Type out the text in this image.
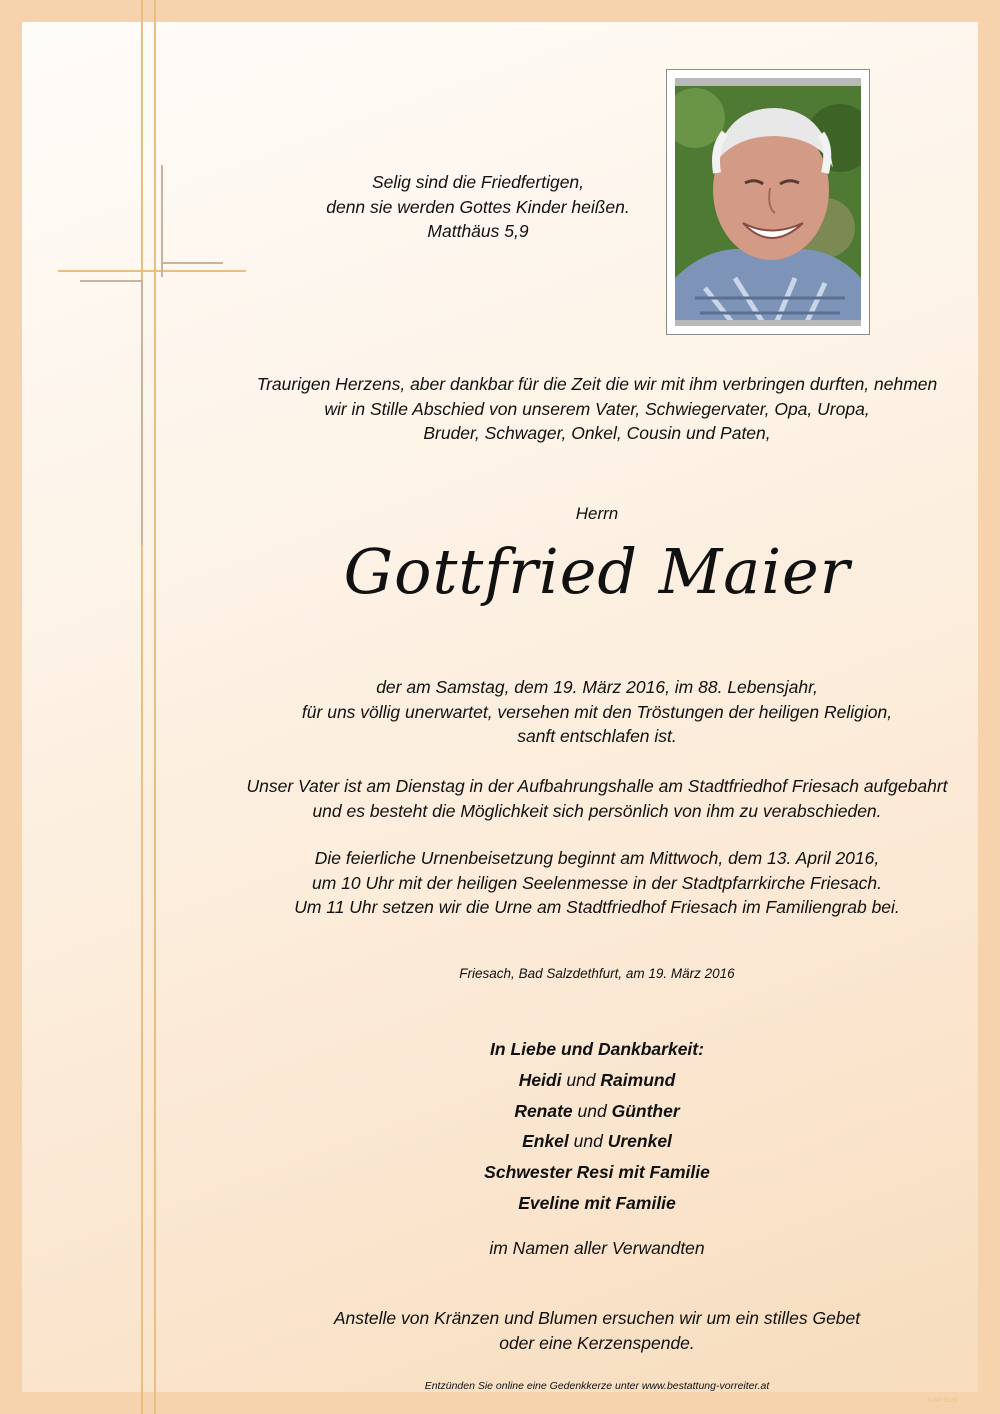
Selig sind die Friedfertigen,
denn sie werden Gottes Kinder heißen.
Matthäus 5,9
Traurigen Herzens, aber dankbar für die Zeit die wir mit ihm verbringen durften, nehmen
wir in Stille Abschied von unserem Vater, Schwiegervater, Opa, Uropa,
Bruder, Schwager, Onkel, Cousin und Paten,
Herrn
Gottfried Maier
der am Samstag, dem 19. März 2016, im 88. Lebensjahr,
für uns völlig unerwartet, versehen mit den Tröstungen der heiligen Religion,
sanft entschlafen ist.
Unser Vater ist am Dienstag in der Aufbahrungshalle am Stadtfriedhof Friesach aufgebahrt
und es besteht die Möglichkeit sich persönlich von ihm zu verabschieden.
Die feierliche Urnenbeisetzung beginnt am Mittwoch, dem 13. April 2016,
um 10 Uhr mit der heiligen Seelenmesse in der Stadtpfarrkirche Friesach.
Um 11 Uhr setzen wir die Urne am Stadtfriedhof Friesach im Familiengrab bei.
Friesach, Bad Salzdethfurt, am 19. März 2016
In Liebe und Dankbarkeit:
Heidi und Raimund
Renate und Günther
Enkel und Urenkel
Schwester Resi mit Familie
Eveline mit Familie
im Namen aller Verwandten
Anstelle von Kränzen und Blumen ersuchen wir um ein stilles Gebet
oder eine Kerzenspende.
Entzünden Sie online eine Gedenkkerze unter www.bestattung-vorreiter.at
© KP 9126
